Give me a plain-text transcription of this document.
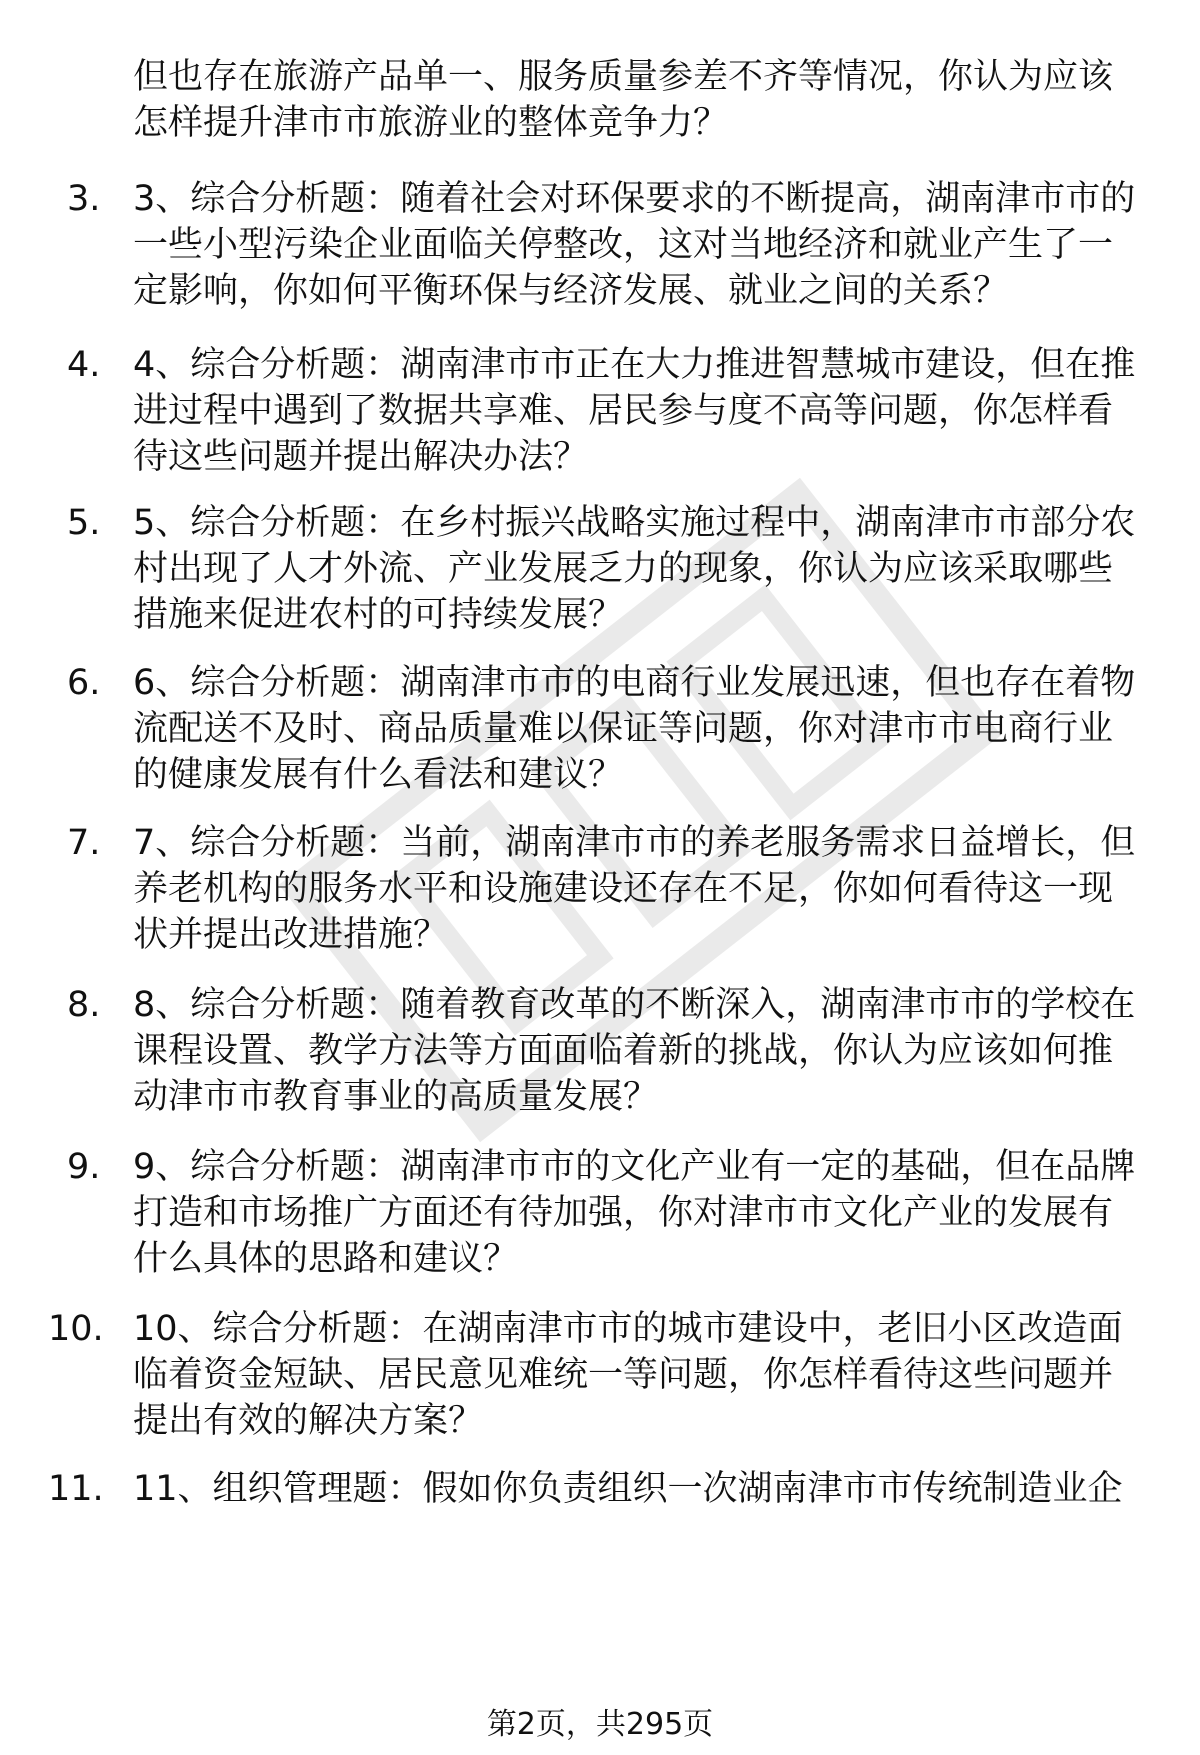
但也存在旅游产品单一、服务质量参差不齐等情况，你认为应该
怎样提升津市市旅游业的整体竞争力？
3. 3、综合分析题：随着社会对环保要求的不断提高，湖南津市市的
一些小型污染企业面临关停整改，这对当地经济和就业产生了一
定影响，你如何平衡环保与经济发展、就业之间的关系？
4. 4、综合分析题：湖南津市市正在大力推进智慧城市建设，但在推
进过程中遇到了数据共享难、居民参与度不高等问题，你怎样看
待这些问题并提出解决办法？
5. 5、综合分析题：在乡村振兴战略实施过程中，湖南津市市部分农
村出现了人才外流、产业发展乏力的现象，你认为应该采取哪些
措施来促进农村的可持续发展？
6. 6、综合分析题：湖南津市市的电商行业发展迅速，但也存在着物
流配送不及时、商品质量难以保证等问题，你对津市市电商行业
的健康发展有什么看法和建议？
7. 7、综合分析题：当前，湖南津市市的养老服务需求日益增长，但
养老机构的服务水平和设施建设还存在不足，你如何看待这一现
状并提出改进措施？
8. 8、综合分析题：随着教育改革的不断深入，湖南津市市的学校在
课程设置、教学方法等方面面临着新的挑战，你认为应该如何推
动津市市教育事业的高质量发展？
9. 9、综合分析题：湖南津市市的文化产业有一定的基础，但在品牌
打造和市场推广方面还有待加强，你对津市市文化产业的发展有
什么具体的思路和建议？
10. 10、综合分析题：在湖南津市市的城市建设中，老旧小区改造面
临着资金短缺、居民意见难统一等问题，你怎样看待这些问题并
提出有效的解决方案？
11. 11、组织管理题：假如你负责组织一次湖南津市市传统制造业企
第2页，共295页
